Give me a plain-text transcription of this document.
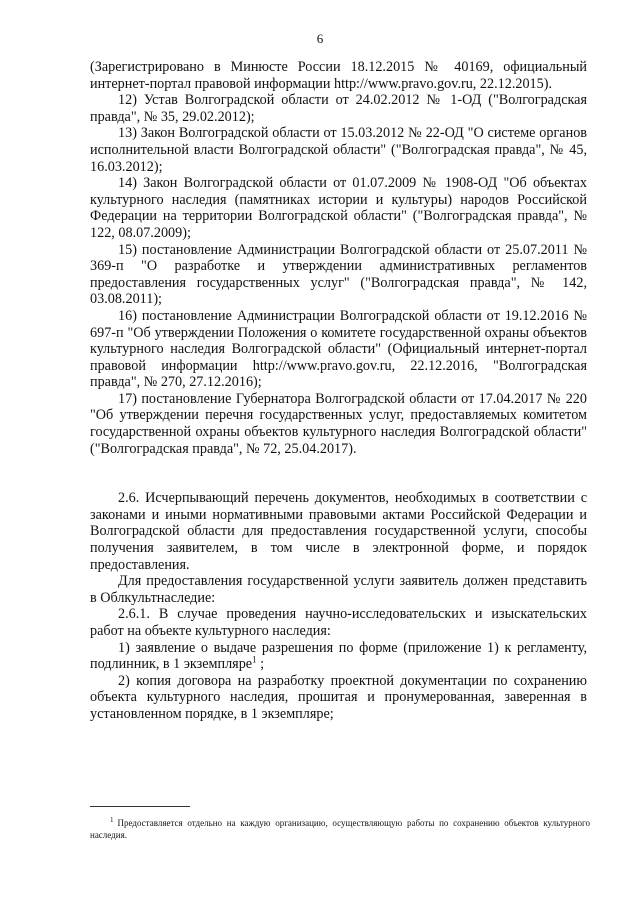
6

(Зарегистрировано в Минюсте России 18.12.2015 № 40169, официальный интернет-портал правовой информации http://www.pravo.gov.ru, 22.12.2015).

12) Устав Волгоградской области от 24.02.2012 № 1-ОД ("Волгоградская правда", № 35, 29.02.2012);

13) Закон Волгоградской области от 15.03.2012 № 22-ОД "О системе органов исполнительной власти Волгоградской области" ("Волгоградская правда", № 45, 16.03.2012);

14) Закон Волгоградской области от 01.07.2009 № 1908-ОД "Об объектах культурного наследия (памятниках истории и культуры) народов Российской Федерации на территории Волгоградской области" ("Волгоградская правда", № 122, 08.07.2009);

15) постановление Администрации Волгоградской области от 25.07.2011 № 369-п "О разработке и утверждении административных регламентов предоставления государственных услуг" ("Волгоградская правда", № 142, 03.08.2011);

16) постановление Администрации Волгоградской области от 19.12.2016 № 697-п "Об утверждении Положения о комитете государственной охраны объектов культурного наследия Волгоградской области" (Официальный интернет-портал правовой информации http://www.pravo.gov.ru, 22.12.2016, "Волгоградская правда", № 270, 27.12.2016);

17) постановление Губернатора Волгоградской области от 17.04.2017 № 220 "Об утверждении перечня государственных услуг, предоставляемых комитетом государственной охраны объектов культурного наследия Волгоградской области" ("Волгоградская правда", № 72, 25.04.2017).

2.6. Исчерпывающий перечень документов, необходимых в соответствии с законами и иными нормативными правовыми актами Российской Федерации и Волгоградской области для предоставления государственной услуги, способы получения заявителем, в том числе в электронной форме, и порядок предоставления.

Для предоставления государственной услуги заявитель должен представить в Облкультнаследие:

2.6.1. В случае проведения научно-исследовательских и изыскательских работ на объекте культурного наследия:

1) заявление о выдаче разрешения по форме (приложение 1) к регламенту, подлинник, в 1 экземпляре$^1$ ;

2) копия договора на разработку проектной документации по сохранению объекта культурного наследия, прошитая и пронумерованная, заверенная в установленном порядке, в 1 экземпляре;

$^1$ Предоставляется отдельно на каждую организацию, осуществляющую работы по сохранению объектов культурного наследия.
